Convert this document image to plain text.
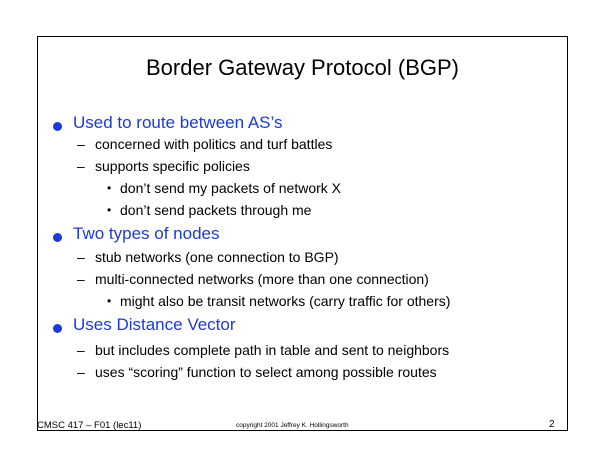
Border Gateway Protocol (BGP)
Used to route between AS’s
– concerned with politics and turf battles
– supports specific policies
• don’t send my packets of network X
• don’t send packets through me
Two types of nodes
– stub networks (one connection to BGP)
– multi-connected networks (more than one connection)
• might also be transit networks (carry traffic for others)
Uses Distance Vector
– but includes complete path in table and sent to neighbors
– uses “scoring” function to select among possible routes
CMSC 417 – F01 (lec11)	copyright 2001 Jeffrey K. Hollingsworth	2
